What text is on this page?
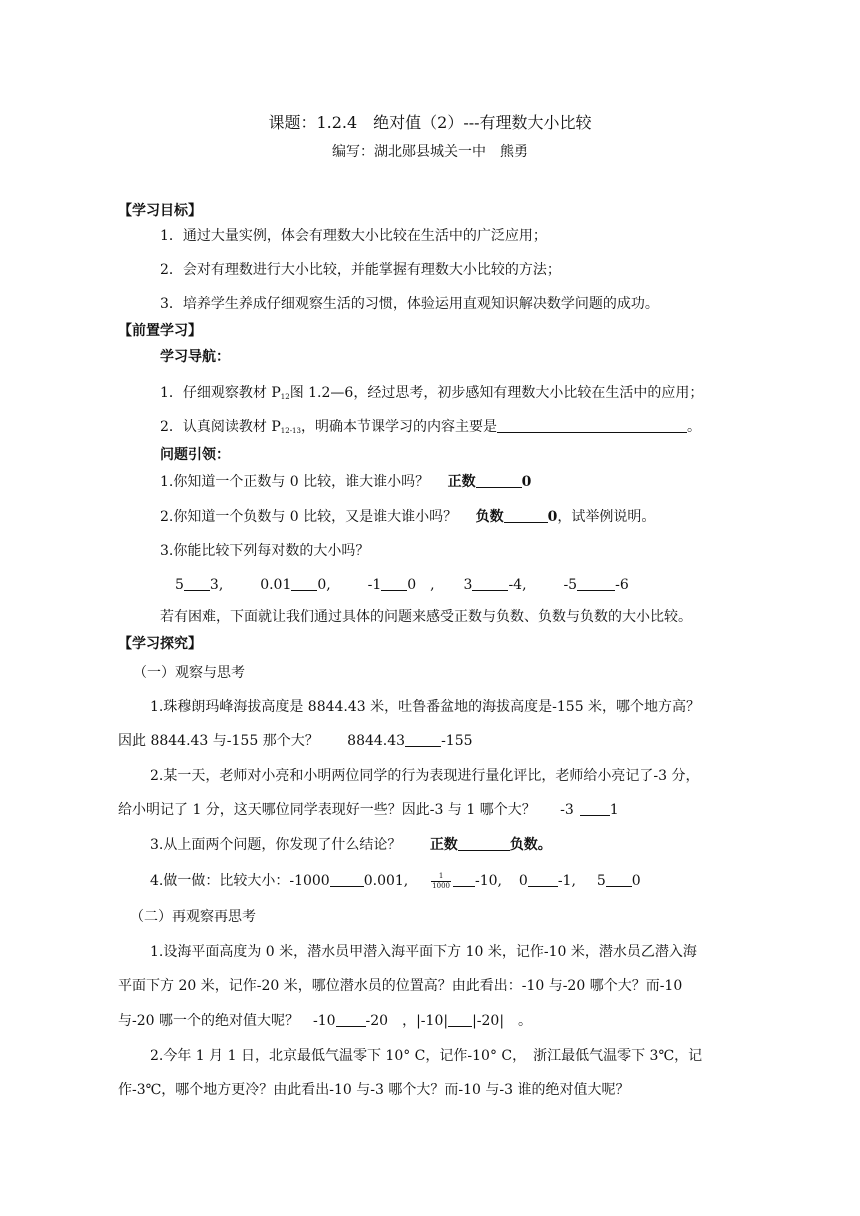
课题：1.2.4　绝对值（2）---有理数大小比较
编写：湖北郧县城关一中　熊勇
【学习目标】
1．通过大量实例，体会有理数大小比较在生活中的广泛应用；
2．会对有理数进行大小比较，并能掌握有理数大小比较的方法；
3．培养学生养成仔细观察生活的习惯，体验运用直观知识解决数学问题的成功。
【前置学习】
学习导航：
1．仔细观察教材 $P_{12}$图 1.2—6，经过思考，初步感知有理数大小比较在生活中的应用；
2．认真阅读教材 $P_{12-13}$，明确本节课学习的内容主要是	。
问题引领：
1.你知道一个正数与 0 比较，谁大谁小吗？ 正数	0
2.你知道一个负数与 0 比较，又是谁大谁小吗？ 负数	0，试举例说明。
3.你能比较下列每对数的大小吗？
5 3,	0.01 0,	-1 0　, 3	-4,	-5	-6
若有困难，下面就让我们通过具体的问题来感受正数与负数、负数与负数的大小比较。
【学习探究】
（一）观察与思考
1.珠穆朗玛峰海拔高度是 8844.43 米，吐鲁番盆地的海拔高度是-155 米，哪个地方高？
因此 8844.43 与-155 那个大？ 8844.43	-155
2.某一天，老师对小亮和小明两位同学的行为表现进行量化评比，老师给小亮记了-3 分，
给小明记了 1 分，这天哪位同学表现好一些？因此-3 与 1 哪个大？ -3	1
3.从上面两个问题，你发现了什么结论？ 正数	负数。
4.做一做：比较大小：-1000 0.001,	$\frac{1}{1000} -10$, 0 -1, 5 0
（二）再观察再思考
1.设海平面高度为 0 米，潜水员甲潜入海平面下方 10 米，记作-10 米，潜水员乙潜入海
平面下方 20 米，记作-20 米，哪位潜水员的位置高？由此看出：-10 与-20 哪个大？而-10
与-20 哪一个的绝对值大呢？　-10 -20　，|-10| |-20|　。
2.今年 1 月 1 日，北京最低气温零下 10° C，记作-10° C，　浙江最低气温零下 3℃，记
作-3℃，哪个地方更冷？由此看出-10 与-3 哪个大？而-10 与-3 谁的绝对值大呢？
